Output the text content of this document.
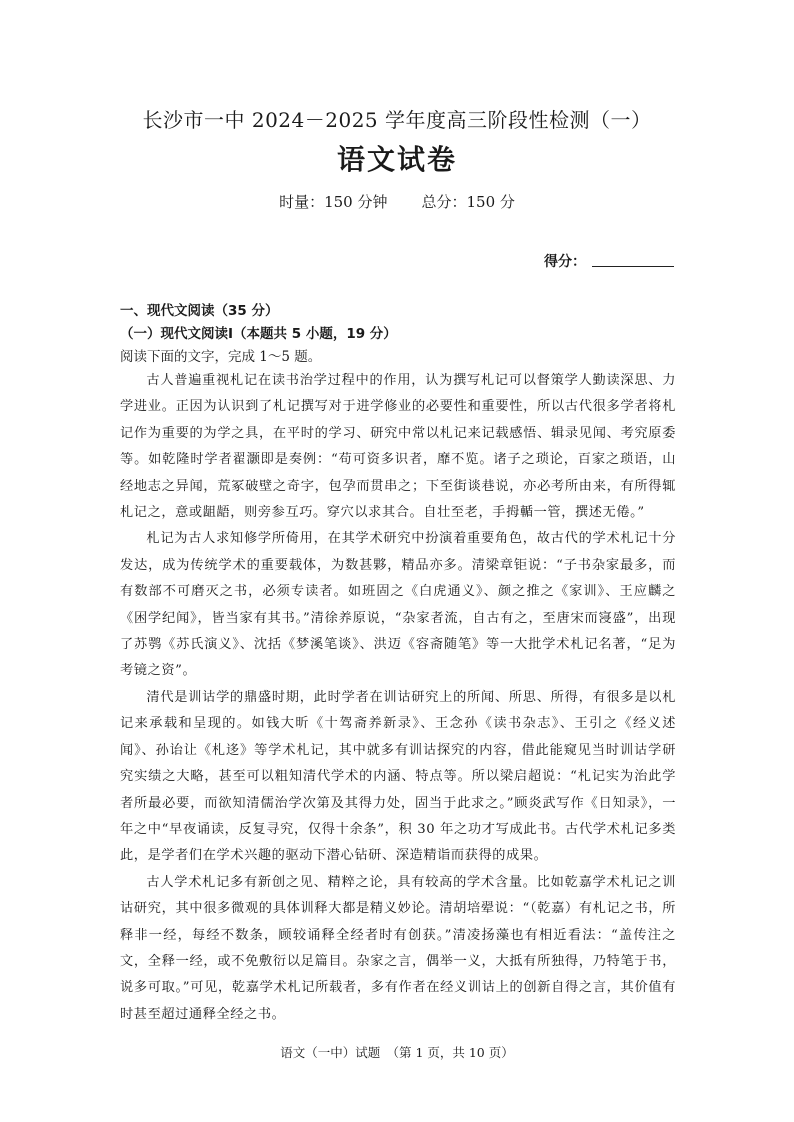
长沙市一中 2024－2025 学年度高三阶段性检测（一）
语文试卷
时量：150 分钟 总分：150 分
得分：
一、现代文阅读（35 分）
（一）现代文阅读Ⅰ（本题共 5 小题，19 分）
阅读下面的文字，完成 1～5 题。

古人普遍重视札记在读书治学过程中的作用，认为撰写札记可以督策学人勤读深思、力学进业。正因为认识到了札记撰写对于进学修业的必要性和重要性，所以古代很多学者将札记作为重要的为学之具，在平时的学习、研究中常以札记来记载感悟、辑录见闻、考究原委等。如乾隆时学者翟灏即是奏例：“苟可资多识者，靡不览。诸子之琐论，百家之琐语，山经地志之异闻，荒冢破壁之奇字，包孕而贯串之；下至街谈巷说，亦必考所由来，有所得辄札记之，意或龃龉，则旁参互巧。穿穴以求其合。自壮至老，手拇輴一管，撰述无倦。”

札记为古人求知修学所倚用，在其学术研究中扮演着重要角色，故古代的学术札记十分发达，成为传统学术的重要载体，为数甚夥，精品亦多。清梁章钜说：“子书杂家最多，而有数部不可磨灭之书，必须专读者。如班固之《白虎通义》、颜之推之《家训》、王应麟之《困学纪闻》，皆当家有其书。”清徐养原说，“杂家者流，自古有之，至唐宋而寖盛”，出现了苏鹗《苏氏演义》、沈括《梦溪笔谈》、洪迈《容斋随笔》等一大批学术札记名著，“足为考镜之资”。

清代是训诂学的鼎盛时期，此时学者在训诂研究上的所闻、所思、所得，有很多是以札记来承载和呈现的。如钱大昕《十驾斋养新录》、王念孙《读书杂志》、王引之《经义述闻》、孙诒让《札迻》等学术札记，其中就多有训诂探究的内容，借此能窥见当时训诂学研究实绩之大略，甚至可以粗知清代学术的内涵、特点等。所以梁启超说：“札记实为治此学者所最必要，而欲知清儒治学次第及其得力处，固当于此求之。”顾炎武写作《日知录》，一年之中“早夜诵读，反复寻究，仅得十余条”，积 30 年之功才写成此书。古代学术札记多类此，是学者们在学术兴趣的驱动下潜心钻研、深造精诣而获得的成果。

古人学术札记多有新创之见、精粹之论，具有较高的学术含量。比如乾嘉学术札记之训诂研究，其中很多微观的具体训释大都是精义妙论。清胡培翚说：“（乾嘉）有札记之书，所释非一经，每经不数条，顾较诵释全经者时有创获。”清凌扬藻也有相近看法：“盖传注之文，全释一经，或不免敷衍以足篇目。杂家之言，偶举一义，大抵有所独得，乃特笔于书，说多可取。”可见，乾嘉学术札记所载者，多有作者在经义训诂上的创新自得之言，其价值有时甚至超过通释全经之书。

语文（一中）试题　（第 1 页，共 10 页）
